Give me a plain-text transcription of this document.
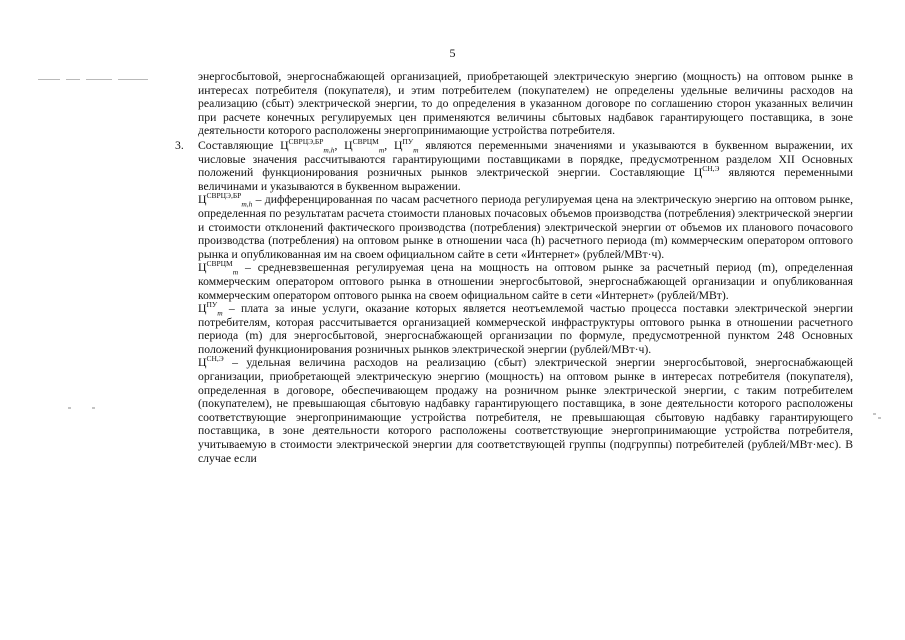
5

энергосбытовой, энергоснабжающей организацией, приобретающей электрическую энергию (мощность) на оптовом рынке в интересах потребителя (покупателя), и этим потребителем (покупателем) не определены удельные величины расходов на реализацию (сбыт) электрической энергии, то до определения в указанном договоре по соглашению сторон указанных величин при расчете конечных регулируемых цен применяются величины сбытовых надбавок гарантирующего поставщика, в зоне деятельности которого расположены энергопринимающие устройства потребителя.

3. Составляющие $Ц^{СВРЦЭ,БР}_{m,h}$, $Ц^{СВРЦМ}_m$, $Ц^{ПУ}_m$ являются переменными значениями и указываются в буквенном выражении, их числовые значения рассчитываются гарантирующими поставщиками в порядке, предусмотренном разделом XII Основных положений функционирования розничных рынков электрической энергии. Составляющие $Ц^{СН,Э}$ являются переменными величинами и указываются в буквенном выражении.

$Ц^{СВРЦЭ,БР}_{m,h}$ – дифференцированная по часам расчетного периода регулируемая цена на электрическую энергию на оптовом рынке, определенная по результатам расчета стоимости плановых почасовых объемов производства (потребления) электрической энергии и стоимости отклонений фактического производства (потребления) электрической энергии от объемов их планового почасового производства (потребления) на оптовом рынке в отношении часа (h) расчетного периода (m) коммерческим оператором оптового рынка и опубликованная им на своем официальном сайте в сети «Интернет» (рублей/МВт·ч).

$Ц^{СВРЦМ}_m$ – средневзвешенная регулируемая цена на мощность на оптовом рынке за расчетный период (m), определенная коммерческим оператором оптового рынка в отношении энергосбытовой, энергоснабжающей организации и опубликованная коммерческим оператором оптового рынка на своем официальном сайте в сети «Интернет» (рублей/МВт).

$Ц^{ПУ}_m$ – плата за иные услуги, оказание которых является неотъемлемой частью процесса поставки электрической энергии потребителям, которая рассчитывается организацией коммерческой инфраструктуры оптового рынка в отношении расчетного периода (m) для энергосбытовой, энергоснабжающей организации по формуле, предусмотренной пунктом 248 Основных положений функционирования розничных рынков электрической энергии (рублей/МВт·ч).

$Ц^{СН,Э}$ – удельная величина расходов на реализацию (сбыт) электрической энергии энергосбытовой, энергоснабжающей организации, приобретающей электрическую энергию (мощность) на оптовом рынке в интересах потребителя (покупателя), определенная в договоре, обеспечивающем продажу на розничном рынке электрической энергии, с таким потребителем (покупателем), не превышающая сбытовую надбавку гарантирующего поставщика, в зоне деятельности которого расположены соответствующие энергопринимающие устройства потребителя, не превышающая сбытовую надбавку гарантирующего поставщика, в зоне деятельности которого расположены соответствующие энергопринимающие устройства потребителя, учитываемую в стоимости электрической энергии для соответствующей группы (подгруппы) потребителей (рублей/МВт·мес). В случае если
